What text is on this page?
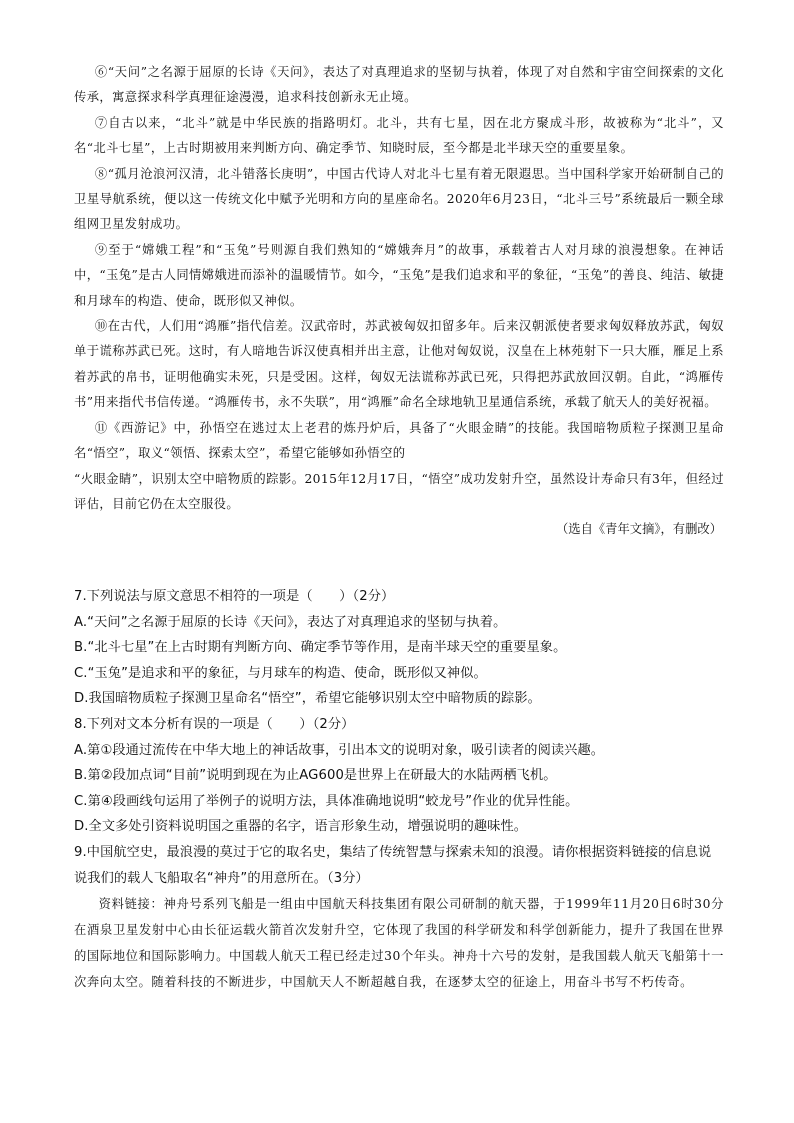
⑥“天问”之名源于屈原的长诗《天问》，表达了对真理追求的坚韧与执着，体现了对自然和宇宙空间探索的文化传承，寓意探求科学真理征途漫漫，追求科技创新永无止境。

⑦自古以来，“北斗”就是中华民族的指路明灯。北斗，共有七星，因在北方聚成斗形，故被称为“北斗”，又名“北斗七星”，上古时期被用来判断方向、确定季节、知晓时辰，至今都是北半球天空的重要星象。

⑧“孤月沧浪河汉清，北斗错落长庚明”，中国古代诗人对北斗七星有着无限遐思。当中国科学家开始研制自己的卫星导航系统，便以这一传统文化中赋予光明和方向的星座命名。2020年6月23日，“北斗三号”系统最后一颗全球组网卫星发射成功。

⑨至于“嫦娥工程”和“玉兔”号则源自我们熟知的“嫦娥奔月”的故事，承载着古人对月球的浪漫想象。在神话中，“玉兔”是古人同情嫦娥进而添补的温暖情节。如今，“玉兔”是我们追求和平的象征，“玉兔”的善良、纯洁、敏捷和月球车的构造、使命，既形似又神似。

⑩在古代，人们用“鸿雁”指代信差。汉武帝时，苏武被匈奴扣留多年。后来汉朝派使者要求匈奴释放苏武，匈奴单于谎称苏武已死。这时，有人暗地告诉汉使真相并出主意，让他对匈奴说，汉皇在上林苑射下一只大雁，雁足上系着苏武的帛书，证明他确实未死，只是受困。这样，匈奴无法谎称苏武已死，只得把苏武放回汉朝。自此，“鸿雁传书”用来指代书信传递。“鸿雁传书，永不失联”，用“鸿雁”命名全球地轨卫星通信系统，承载了航天人的美好祝福。

⑪《西游记》中，孙悟空在逃过太上老君的炼丹炉后，具备了“火眼金睛”的技能。我国暗物质粒子探测卫星命名“悟空”，取义“领悟、探索太空”，希望它能够如孙悟空的

“火眼金睛”，识别太空中暗物质的踪影。2015年12月17日，“悟空”成功发射升空，虽然设计寿命只有3年，但经过评估，目前它仍在太空服役。

（选自《青年文摘》，有删改）

7.下列说法与原文意思不相符的一项是（　　）（2分）

A.“天问”之名源于屈原的长诗《天问》，表达了对真理追求的坚韧与执着。

B.“北斗七星”在上古时期有判断方向、确定季节等作用，是南半球天空的重要星象。

C.“玉兔”是追求和平的象征，与月球车的构造、使命，既形似又神似。

D.我国暗物质粒子探测卫星命名“悟空”，希望它能够识别太空中暗物质的踪影。

8.下列对文本分析有误的一项是（　　）（2分）

A.第①段通过流传在中华大地上的神话故事，引出本文的说明对象，吸引读者的阅读兴趣。

B.第②段加点词“目前”说明到现在为止AG600是世界上在研最大的水陆两栖飞机。

C.第④段画线句运用了举例子的说明方法，具体准确地说明“蛟龙号”作业的优异性能。

D.全文多处引资料说明国之重器的名字，语言形象生动，增强说明的趣味性。

9.中国航空史，最浪漫的莫过于它的取名史，集结了传统智慧与探索未知的浪漫。请你根据资料链接的信息说说我们的载人飞船取名“神舟”的用意所在。（3分）

资料链接：神舟号系列飞船是一组由中国航天科技集团有限公司研制的航天器，于1999年11月20日6时30分在酒泉卫星发射中心由长征运载火箭首次发射升空，它体现了我国的科学研发和科学创新能力，提升了我国在世界的国际地位和国际影响力。中国载人航天工程已经走过30个年头。神舟十六号的发射，是我国载人航天飞船第十一次奔向太空。随着科技的不断进步，中国航天人不断超越自我，在逐梦太空的征途上，用奋斗书写不朽传奇。
